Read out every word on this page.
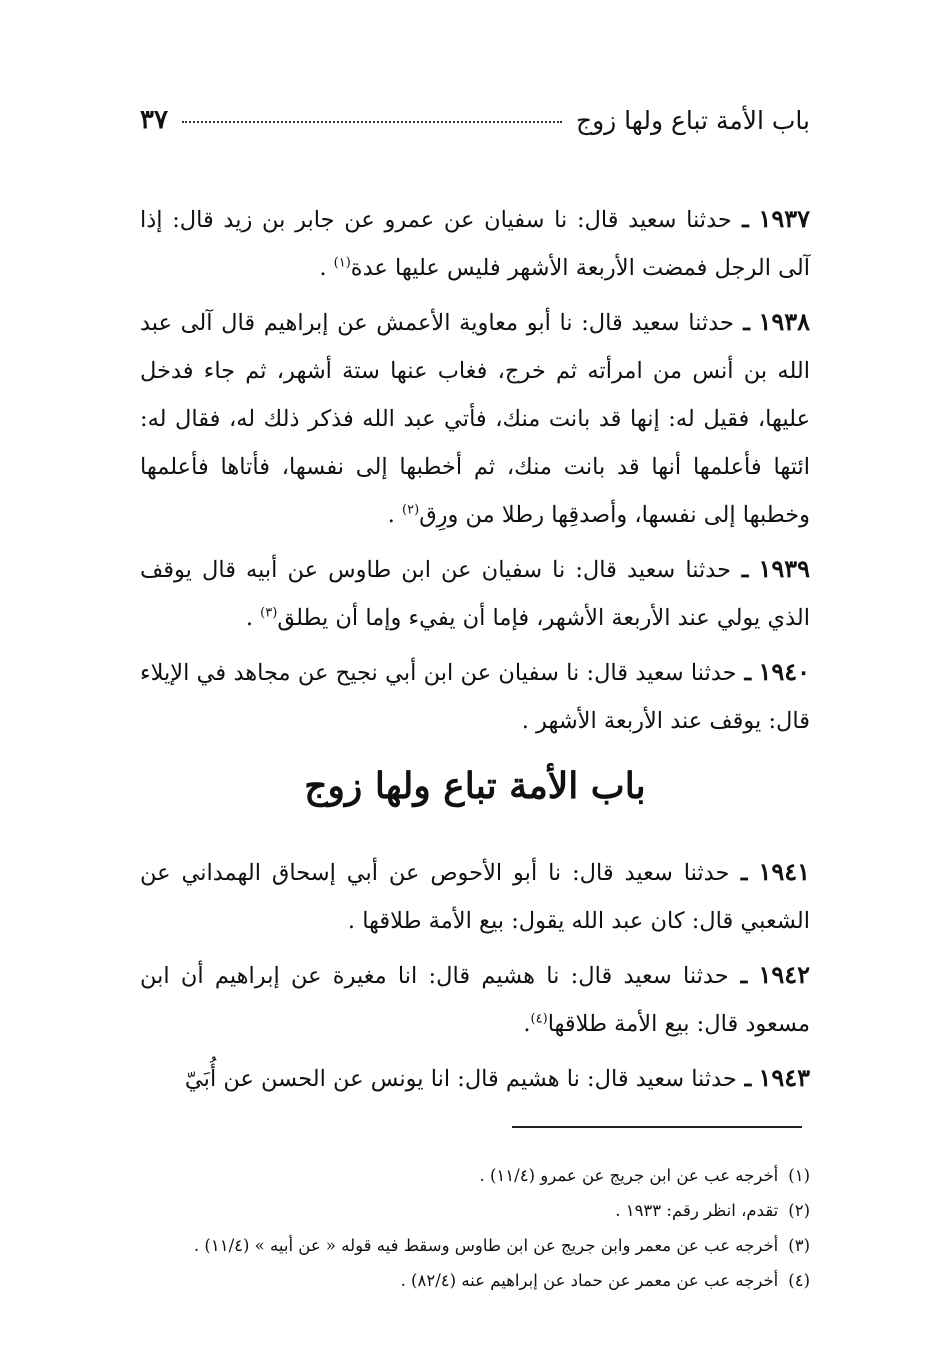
باب الأمة تباع ولها زوج
٣٧

١٩٣٧ ـ حدثنا سعيد قال: نا سفيان عن عمرو عن جابر بن زيد قال: إذا آلى الرجل فمضت الأربعة الأشهر فليس عليها عدة$^{(١)}$ .

١٩٣٨ ـ حدثنا سعيد قال: نا أبو معاوية الأعمش عن إبراهيم قال آلى عبد الله بن أنس من امرأته ثم خرج، فغاب عنها ستة أشهر، ثم جاء فدخل عليها، فقيل له: إنها قد بانت منك، فأتي عبد الله فذكر ذلك له، فقال له: ائتها فأعلمها أنها قد بانت منك، ثم أخطبها إلى نفسها، فأتاها فأعلمها وخطبها إلى نفسها، وأصدقِها رطلا من ورِق$^{(٢)}$ .

١٩٣٩ ـ حدثنا سعيد قال: نا سفيان عن ابن طاوس عن أبيه قال يوقف الذي يولي عند الأربعة الأشهر، فإما أن يفيء وإما أن يطلق$^{(٣)}$ .

١٩٤٠ ـ حدثنا سعيد قال: نا سفيان عن ابن أبي نجيح عن مجاهد في الإيلاء قال: يوقف عند الأربعة الأشهر .

باب الأمة تباع ولها زوج

١٩٤١ ـ حدثنا سعيد قال: نا أبو الأحوص عن أبي إسحاق الهمداني عن الشعبي قال: كان عبد الله يقول: بيع الأمة طلاقها .

١٩٤٢ ـ حدثنا سعيد قال: نا هشيم قال: انا مغيرة عن إبراهيم أن ابن مسعود قال: بيع الأمة طلاقها$^{(٤)}$.

١٩٤٣ ـ حدثنا سعيد قال: نا هشيم قال: انا يونس عن الحسن عن أُبَيّ

(١)أخرجه عب عن ابن جريج عن عمرو (١١/٤) .

(٢)تقدم، انظر رقم: ١٩٣٣ .

(٣)أخرجه عب عن معمر وابن جريج عن ابن طاوس وسقط فيه قوله « عن أبيه » (١١/٤) .

(٤)أخرجه عب عن معمر عن حماد عن إبراهيم عنه (٨٢/٤) .
